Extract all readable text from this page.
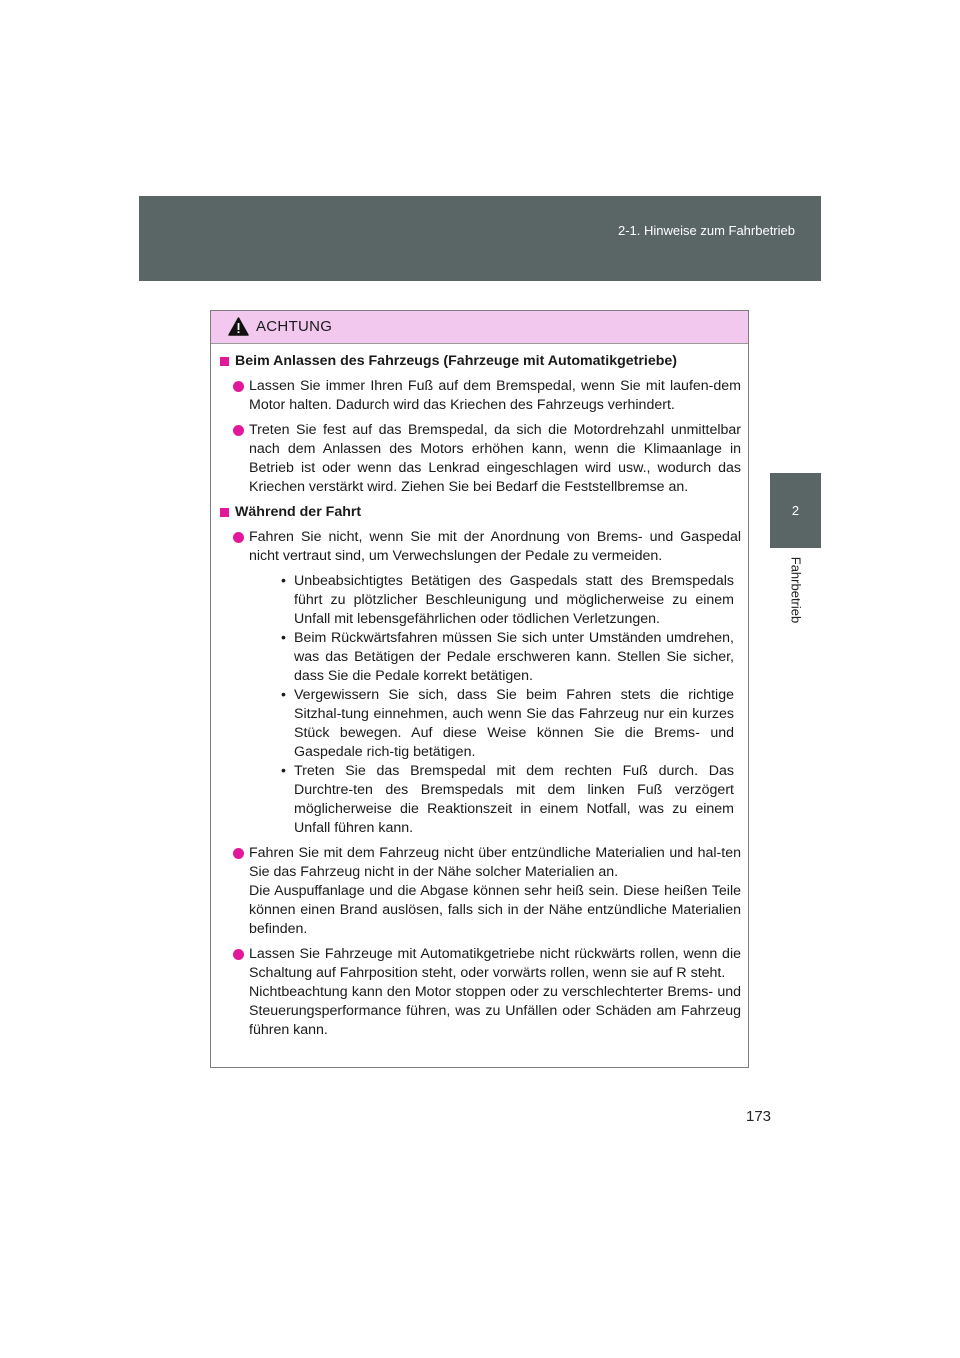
2-1. Hinweise zum Fahrbetrieb
2
Fahrbetrieb
ACHTUNG
Beim Anlassen des Fahrzeugs (Fahrzeuge mit Automatikgetriebe)

Lassen Sie immer Ihren Fuß auf dem Bremspedal, wenn Sie mit laufen-dem Motor halten. Dadurch wird das Kriechen des Fahrzeugs verhindert.

Treten Sie fest auf das Bremspedal, da sich die Motordrehzahl unmittelbar nach dem Anlassen des Motors erhöhen kann, wenn die Klimaanlage in Betrieb ist oder wenn das Lenkrad eingeschlagen wird usw., wodurch das Kriechen verstärkt wird. Ziehen Sie bei Bedarf die Feststellbremse an.

Während der Fahrt

Fahren Sie nicht, wenn Sie mit der Anordnung von Brems- und Gaspedal nicht vertraut sind, um Verwechslungen der Pedale zu vermeiden.

• Unbeabsichtigtes Betätigen des Gaspedals statt des Bremspedals führt zu plötzlicher Beschleunigung und möglicherweise zu einem Unfall mit lebensgefährlichen oder tödlichen Verletzungen.
• Beim Rückwärtsfahren müssen Sie sich unter Umständen umdrehen, was das Betätigen der Pedale erschweren kann. Stellen Sie sicher, dass Sie die Pedale korrekt betätigen.
• Vergewissern Sie sich, dass Sie beim Fahren stets die richtige Sitzhal-tung einnehmen, auch wenn Sie das Fahrzeug nur ein kurzes Stück bewegen. Auf diese Weise können Sie die Brems- und Gaspedale rich-tig betätigen.
• Treten Sie das Bremspedal mit dem rechten Fuß durch. Das Durchtre-ten des Bremspedals mit dem linken Fuß verzögert möglicherweise die Reaktionszeit in einem Notfall, was zu einem Unfall führen kann.

Fahren Sie mit dem Fahrzeug nicht über entzündliche Materialien und hal-ten Sie das Fahrzeug nicht in der Nähe solcher Materialien an.

Die Auspuffanlage und die Abgase können sehr heiß sein. Diese heißen Teile können einen Brand auslösen, falls sich in der Nähe entzündliche Materialien befinden.

Lassen Sie Fahrzeuge mit Automatikgetriebe nicht rückwärts rollen, wenn die Schaltung auf Fahrposition steht, oder vorwärts rollen, wenn sie auf R steht.

Nichtbeachtung kann den Motor stoppen oder zu verschlechterter Brems- und Steuerungsperformance führen, was zu Unfällen oder Schäden am Fahrzeug führen kann.

173
